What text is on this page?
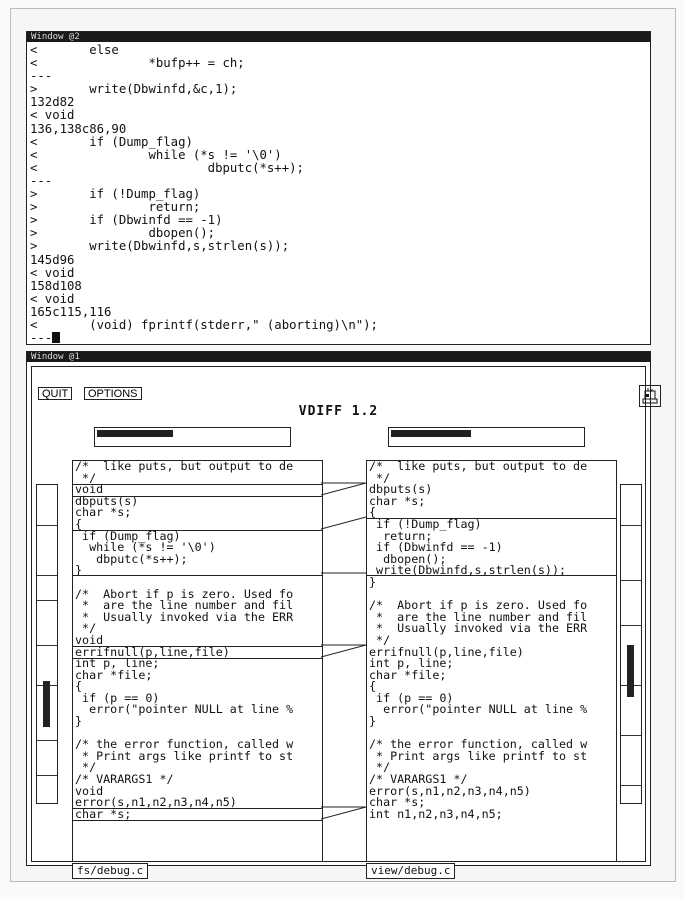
Window @2
<       else
<               *bufp++ = ch;
---
>       write(Dbwinfd,&c,1);
132d82
< void
136,138c86,90
<       if (Dump_flag)
<               while (*s != '\0')
<                       dbputc(*s++);
---
>       if (!Dump_flag)
>               return;
>       if (Dbwinfd == -1)
>               dbopen();
>       write(Dbwinfd,s,strlen(s));
145d96
< void
158d108
< void
165c115,116
<       (void) fprintf(stderr," (aborting)\n");
---
Window @1
QUIT	OPTIONS
VDIFF 1.2
/*  like puts, but output to de
*/
void
dbputs(s)
char *s;
{
if (Dump_flag)
while (*s != '\0')
dbputc(*s++);
}

/*  Abort if p is zero. Used fo
*  are the line number and fil
*  Usually invoked via the ERR
*/
void
errifnull(p,line,file)
int p, line;
char *file;
{
if (p == 0)
error("pointer NULL at line %
}

/* the error function, called w
* Print args like printf to st
*/
/* VARARGS1 */
void
error(s,n1,n2,n3,n4,n5)
char *s;

/*  like puts, but output to de
*/
dbputs(s)
char *s;
{
if (!Dump_flag)
return;
if (Dbwinfd == -1)
dbopen();
write(Dbwinfd,s,strlen(s));
}

/*  Abort if p is zero. Used fo
*  are the line number and fil
*  Usually invoked via the ERR
*/
errifnull(p,line,file)
int p, line;
char *file;
{
if (p == 0)
error("pointer NULL at line %
}

/* the error function, called w
* Print args like printf to st
*/
/* VARARGS1 */
error(s,n1,n2,n3,n4,n5)
char *s;
int n1,n2,n3,n4,n5;

fs/debug.c	view/debug.c
